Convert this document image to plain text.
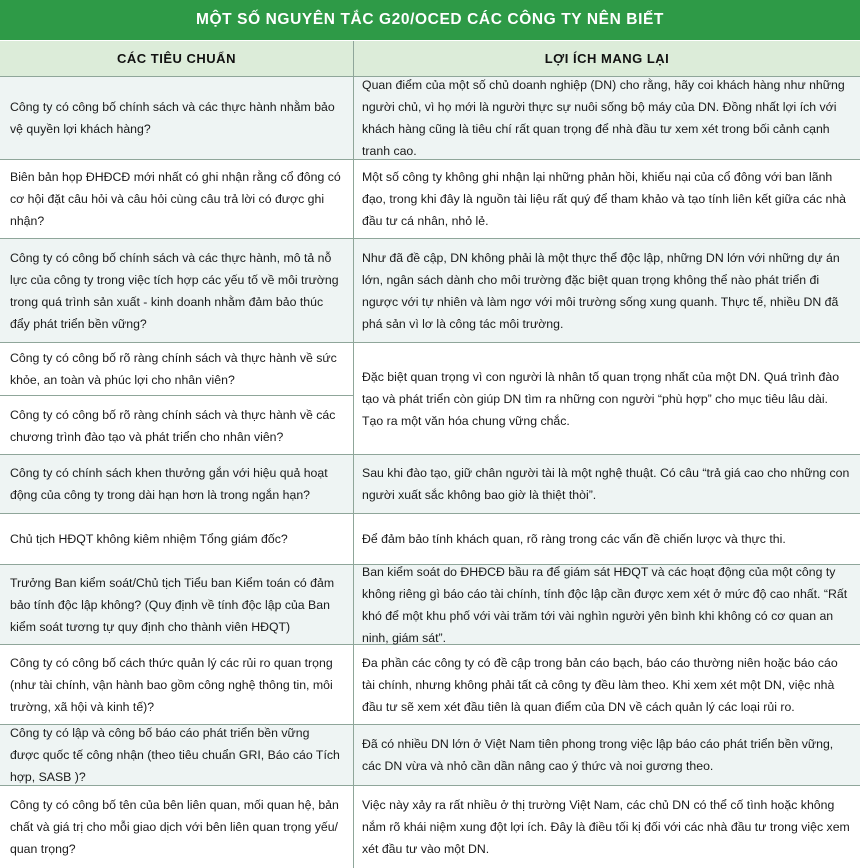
MỘT SỐ NGUYÊN TẮC G20/OCED CÁC CÔNG TY NÊN BIẾT
CÁC TIÊU CHUẨN	LỢI ÍCH MANG LẠI
Công ty có công bố chính sách và các thực hành nhằm bảo vệ quyền lợi khách hàng?
Quan điểm của một số chủ doanh nghiệp (DN) cho rằng, hãy coi khách hàng như những người chủ, vì họ mới là người thực sự nuôi sống bộ máy của DN. Đồng nhất lợi ích với khách hàng cũng là tiêu chí rất quan trọng để nhà đầu tư xem xét trong bối cảnh cạnh tranh cao.
Biên bản họp ĐHĐCĐ mới nhất có ghi nhận rằng cổ đông có cơ hội đặt câu hỏi và câu hỏi cùng câu trả lời có được ghi nhận?
Một số công ty không ghi nhận lại những phản hồi, khiếu nại của cổ đông với ban lãnh đạo, trong khi đây là nguồn tài liệu rất quý để tham khảo và tạo tính liên kết giữa các nhà đầu tư cá nhân, nhỏ lẻ.
Công ty có công bố chính sách và các thực hành, mô tả nỗ lực của công ty trong việc tích hợp các yếu tố về môi trường trong quá trình sản xuất - kinh doanh nhằm đảm bảo thúc đẩy phát triển bền vững?
Như đã đề cập, DN không phải là một thực thể độc lập, những DN lớn với những dự án lớn, ngân sách dành cho môi trường đặc biệt quan trọng không thể nào phát triển đi ngược với tự nhiên và làm ngơ với môi trường sống xung quanh. Thực tế, nhiều DN đã phá sản vì lơ là công tác môi trường.
Công ty có công bố rõ ràng chính sách và thực hành về sức khỏe, an toàn và phúc lợi cho nhân viên?
Công ty có công bố rõ ràng chính sách và thực hành về các chương trình đào tạo và phát triển cho nhân viên?
Đặc biệt quan trọng vì con người là nhân tố quan trọng nhất của một DN. Quá trình đào tạo và phát triển còn giúp DN tìm ra những con người “phù hợp” cho mục tiêu lâu dài. Tạo ra một văn hóa chung vững chắc.
Công ty có chính sách khen thưởng gắn với hiệu quả hoạt động của công ty trong dài hạn hơn là trong ngắn hạn?
Sau khi đào tạo, giữ chân người tài là một nghệ thuật. Có câu “trả giá cao cho những con người xuất sắc không bao giờ là thiệt thòi”.
Chủ tịch HĐQT không kiêm nhiệm Tổng giám đốc?	Để đảm bảo tính khách quan, rõ ràng trong các vấn đề chiến lược và thực thi.
Trưởng Ban kiểm soát/Chủ tịch Tiểu ban Kiểm toán có đảm bảo tính độc lập không? (Quy định về tính độc lập của Ban kiểm soát tương tự quy định cho thành viên HĐQT)
Ban kiểm soát do ĐHĐCĐ bầu ra để giám sát HĐQT và các hoạt động của một công ty không riêng gì báo cáo tài chính, tính độc lập cần được xem xét ở mức độ cao nhất. “Rất khó để một khu phố với vài trăm tới vài nghìn người yên bình khi không có cơ quan an ninh, giám sát”.
Công ty có công bố cách thức quản lý các rủi ro quan trọng (như tài chính, vận hành bao gồm công nghệ thông tin, môi trường, xã hội và kinh tế)?
Đa phần các công ty có đề cập trong bản cáo bạch, báo cáo thường niên hoặc báo cáo tài chính, nhưng không phải tất cả công ty đều làm theo. Khi xem xét một DN, việc nhà đầu tư sẽ xem xét đầu tiên là quan điểm của DN về cách quản lý các loại rủi ro.
Công ty có lập và công bố báo cáo phát triển bền vững được quốc tế công nhận (theo tiêu chuẩn GRI, Báo cáo Tích hợp, SASB )?
Đã có nhiều DN lớn ở Việt Nam tiên phong trong việc lập báo cáo phát triển bền vững, các DN vừa và nhỏ cần dần nâng cao ý thức và noi gương theo.
Công ty có công bố tên của bên liên quan, mối quan hệ, bản chất và giá trị cho mỗi giao dịch với bên liên quan trọng yếu/ quan trọng?
Việc này xảy ra rất nhiều ở thị trường Việt Nam, các chủ DN có thể cố tình hoặc không nắm rõ khái niệm xung đột lợi ích. Đây là điều tối kị đối với các nhà đầu tư trong việc xem xét đầu tư vào một DN.
